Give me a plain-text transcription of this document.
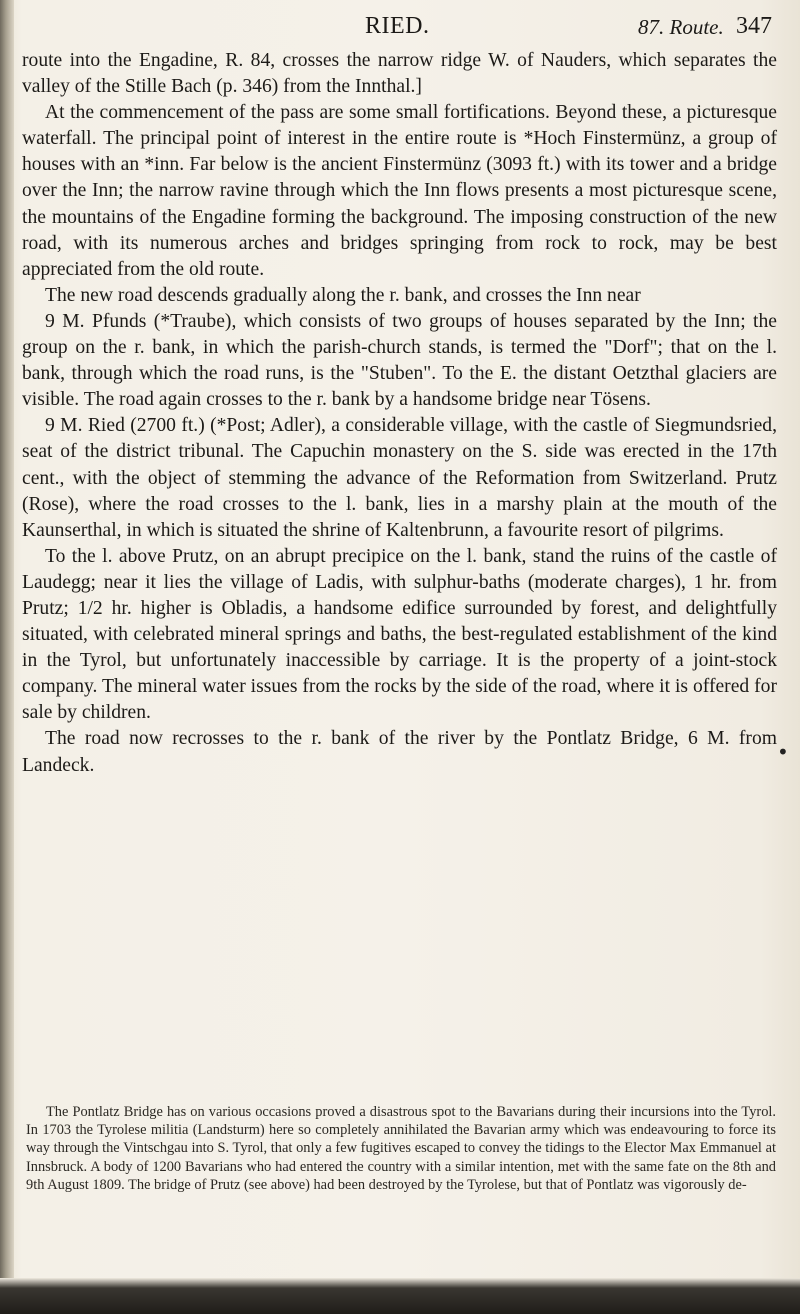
RIED.	87. Route. 347

route into the Engadine, R. 84, crosses the narrow ridge W. of Nauders, which separates the valley of the Stille Bach (p. 346) from the Innthal.]

At the commencement of the pass are some small fortifications. Beyond these, a picturesque waterfall. The principal point of interest in the entire route is *Hoch Finstermünz, a group of houses with an *inn. Far below is the ancient Finstermünz (3093 ft.) with its tower and a bridge over the Inn; the narrow ravine through which the Inn flows presents a most picturesque scene, the mountains of the Engadine forming the background. The imposing construction of the new road, with its numerous arches and bridges springing from rock to rock, may be best appreciated from the old route.

The new road descends gradually along the r. bank, and crosses the Inn near

9 M. Pfunds (*Traube), which consists of two groups of houses separated by the Inn; the group on the r. bank, in which the parish-church stands, is termed the "Dorf"; that on the l. bank, through which the road runs, is the "Stuben". To the E. the distant Oetzthal glaciers are visible. The road again crosses to the r. bank by a handsome bridge near Tösens.

9 M. Ried (2700 ft.) (*Post; Adler), a considerable village, with the castle of Siegmundsried, seat of the district tribunal. The Capuchin monastery on the S. side was erected in the 17th cent., with the object of stemming the advance of the Reformation from Switzerland. Prutz (Rose), where the road crosses to the l. bank, lies in a marshy plain at the mouth of the Kaunserthal, in which is situated the shrine of Kaltenbrunn, a favourite resort of pilgrims.

To the l. above Prutz, on an abrupt precipice on the l. bank, stand the ruins of the castle of Laudegg; near it lies the village of Ladis, with sulphur-baths (moderate charges), 1 hr. from Prutz; 1/2 hr. higher is Obladis, a handsome edifice surrounded by forest, and delightfully situated, with celebrated mineral springs and baths, the best-regulated establishment of the kind in the Tyrol, but unfortunately inaccessible by carriage. It is the property of a joint-stock company. The mineral water issues from the rocks by the side of the road, where it is offered for sale by children.

The road now recrosses to the r. bank of the river by the Pontlatz Bridge, 6 M. from Landeck.

The Pontlatz Bridge has on various occasions proved a disastrous spot to the Bavarians during their incursions into the Tyrol. In 1703 the Tyrolese militia (Landsturm) here so completely annihilated the Bavarian army which was endeavouring to force its way through the Vintschgau into S. Tyrol, that only a few fugitives escaped to convey the tidings to the Elector Max Emmanuel at Innsbruck. A body of 1200 Bavarians who had entered the country with a similar intention, met with the same fate on the 8th and 9th August 1809. The bridge of Prutz (see above) had been destroyed by the Tyrolese, but that of Pontlatz was vigorously de-

•
